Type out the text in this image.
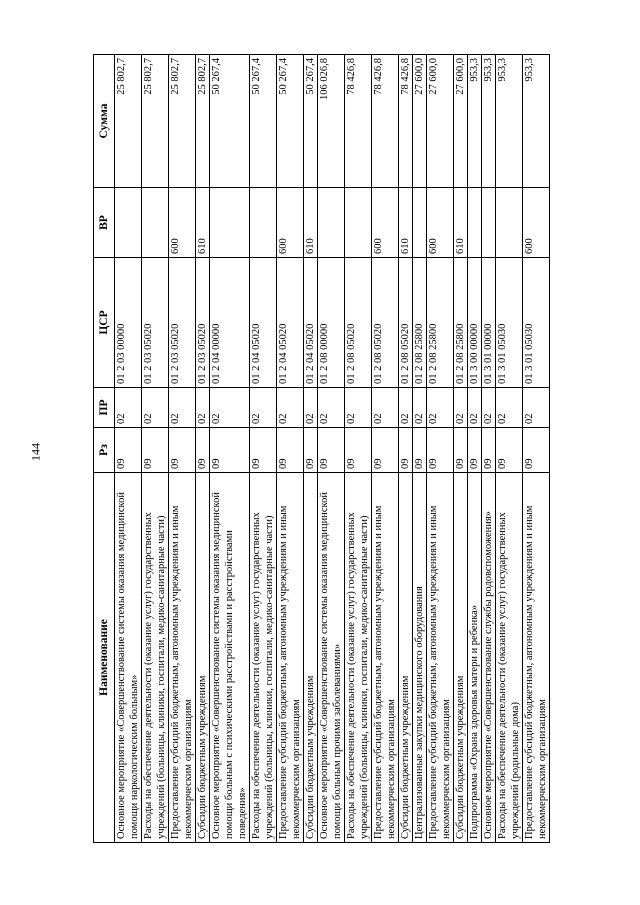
144
Наименование	Рз	ПР	ЦСР	ВР	Сумма
Основное мероприятие «Совершенствование системы оказания медицинской помощи наркологическим больным»	09	02	01 2 03 00000		25 802,7
Расходы на обеспечение деятельности (оказание услуг) государственных учреждений (больницы, клиники, госпитали, медико-санитарные части)	09	02	01 2 03 05020		25 802,7
Предоставление субсидий бюджетным, автономным учреждениям и иным некоммерческим организациям	09	02	01 2 03 05020	600	25 802,7
Субсидии бюджетным учреждениям	09	02	01 2 03 05020	610	25 802,7
Основное мероприятие «Совершенствование системы оказания медицинской помощи больным с психическими расстройствами и расстройствами поведения»	09	02	01 2 04 00000		50 267,4
Расходы на обеспечение деятельности (оказание услуг) государственных учреждений (больницы, клиники, госпитали, медико-санитарные части)	09	02	01 2 04 05020		50 267,4
Предоставление субсидий бюджетным, автономным учреждениям и иным некоммерческим организациям	09	02	01 2 04 05020	600	50 267,4
Субсидии бюджетным учреждениям	09	02	01 2 04 05020	610	50 267,4
Основное мероприятие «Совершенствование системы оказания медицинской помощи больным прочими заболеваниями»	09	02	01 2 08 00000		106 026,8
Расходы на обеспечение деятельности (оказание услуг) государственных учреждений (больницы, клиники, госпитали, медико-санитарные части)	09	02	01 2 08 05020		78 426,8
Предоставление субсидий бюджетным, автономным учреждениям и иным некоммерческим организациям	09	02	01 2 08 05020	600	78 426,8
Субсидии бюджетным учреждениям	09	02	01 2 08 05020	610	78 426,8
Централизованные закупки медицинского оборудования	09	02	01 2 08 25800		27 600,0
Предоставление субсидий бюджетным, автономным учреждениям и иным некоммерческим организациям	09	02	01 2 08 25800	600	27 600,0
Субсидии бюджетным учреждениям	09	02	01 2 08 25800	610	27 600,0
Подпрограмма «Охрана здоровья матери и ребенка»	09	02	01 3 00 00000		953,3
Основное мероприятие «Совершенствование службы родовспоможения»	09	02	01 3 01 00000		953,3
Расходы на обеспечение деятельности (оказание услуг) государственных учреждений (родильные дома)	09	02	01 3 01 05030		953,3
Предоставление субсидий бюджетным, автономным учреждениям и иным некоммерческим организациям	09	02	01 3 01 05030	600	953,3
